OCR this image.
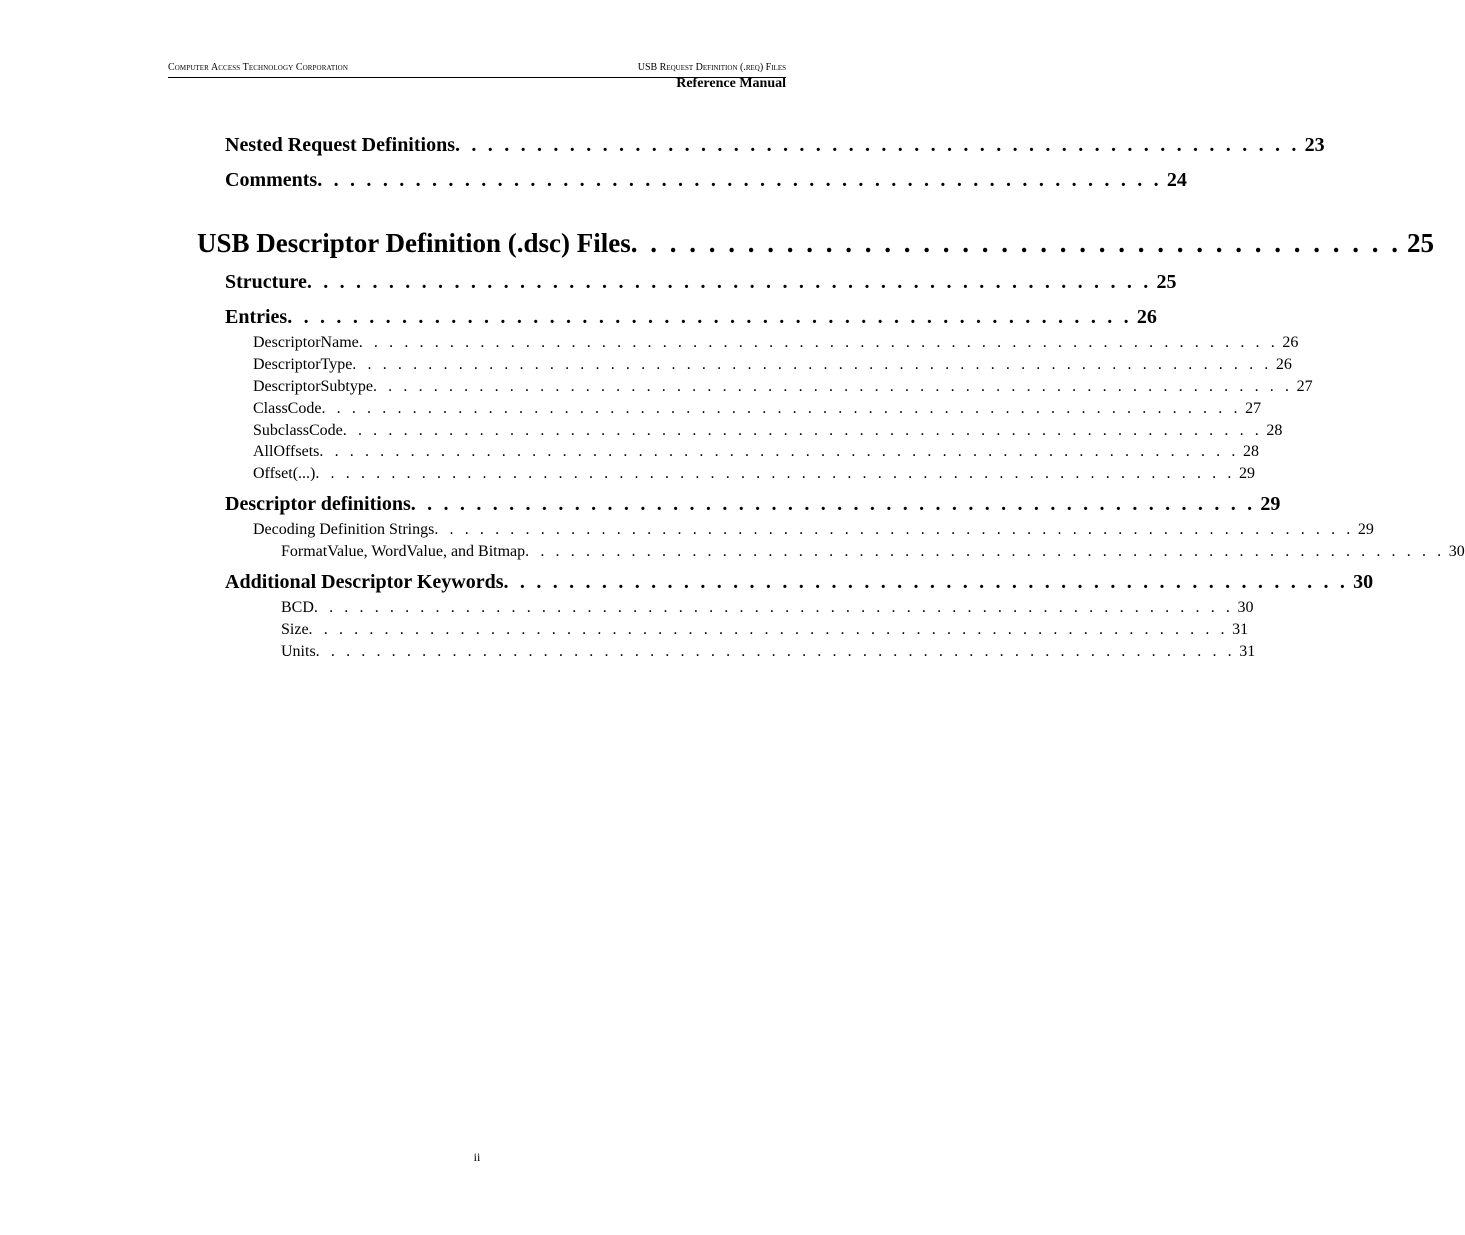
Computer Access Technology Corporation	USB Request Definition (.req) Files
Reference Manual
Nested Request Definitions . . . . . . . . . . . . . . . . . . . . . . . . . . . . . . . . . . . . . . . . . . . . . . . . . . . . 23
Comments . . . . . . . . . . . . . . . . . . . . . . . . . . . . . . . . . . . . . . . . . . . . . . . . . . . . 24
USB Descriptor Definition (.dsc) Files . . . . . . . . . . . . . . . . . . . . . . . . . . . . . . . . . . . . . . . . 25
Structure . . . . . . . . . . . . . . . . . . . . . . . . . . . . . . . . . . . . . . . . . . . . . . . . . . . . 25
Entries . . . . . . . . . . . . . . . . . . . . . . . . . . . . . . . . . . . . . . . . . . . . . . . . . . . . 26
DescriptorName . . . . . . . . . . . . . . . . . . . . . . . . . . . . . . . . . . . . . . . . . . . . . . . . . . . . . . . . . . . . . 26
DescriptorType . . . . . . . . . . . . . . . . . . . . . . . . . . . . . . . . . . . . . . . . . . . . . . . . . . . . . . . . . . . . . 26
DescriptorSubtype . . . . . . . . . . . . . . . . . . . . . . . . . . . . . . . . . . . . . . . . . . . . . . . . . . . . . . . . . . . . . 27
ClassCode . . . . . . . . . . . . . . . . . . . . . . . . . . . . . . . . . . . . . . . . . . . . . . . . . . . . . . . . . . . . . 27
SubclassCode . . . . . . . . . . . . . . . . . . . . . . . . . . . . . . . . . . . . . . . . . . . . . . . . . . . . . . . . . . . . . 28
AllOffsets . . . . . . . . . . . . . . . . . . . . . . . . . . . . . . . . . . . . . . . . . . . . . . . . . . . . . . . . . . . . . 28
Offset(...) . . . . . . . . . . . . . . . . . . . . . . . . . . . . . . . . . . . . . . . . . . . . . . . . . . . . . . . . . . . . . 29
Descriptor definitions . . . . . . . . . . . . . . . . . . . . . . . . . . . . . . . . . . . . . . . . . . . . . . . . . . . . 29
Decoding Definition Strings . . . . . . . . . . . . . . . . . . . . . . . . . . . . . . . . . . . . . . . . . . . . . . . . . . . . . . . . . . . . . 29
FormatValue, WordValue, and Bitmap . . . . . . . . . . . . . . . . . . . . . . . . . . . . . . . . . . . . . . . . . . . . . . . . . . . . . . . . . . . . . 30
Additional Descriptor Keywords . . . . . . . . . . . . . . . . . . . . . . . . . . . . . . . . . . . . . . . . . . . . . . . . . . . . 30
BCD . . . . . . . . . . . . . . . . . . . . . . . . . . . . . . . . . . . . . . . . . . . . . . . . . . . . . . . . . . . . . 30
Size . . . . . . . . . . . . . . . . . . . . . . . . . . . . . . . . . . . . . . . . . . . . . . . . . . . . . . . . . . . . . 31
Units . . . . . . . . . . . . . . . . . . . . . . . . . . . . . . . . . . . . . . . . . . . . . . . . . . . . . . . . . . . . . 31
ii
